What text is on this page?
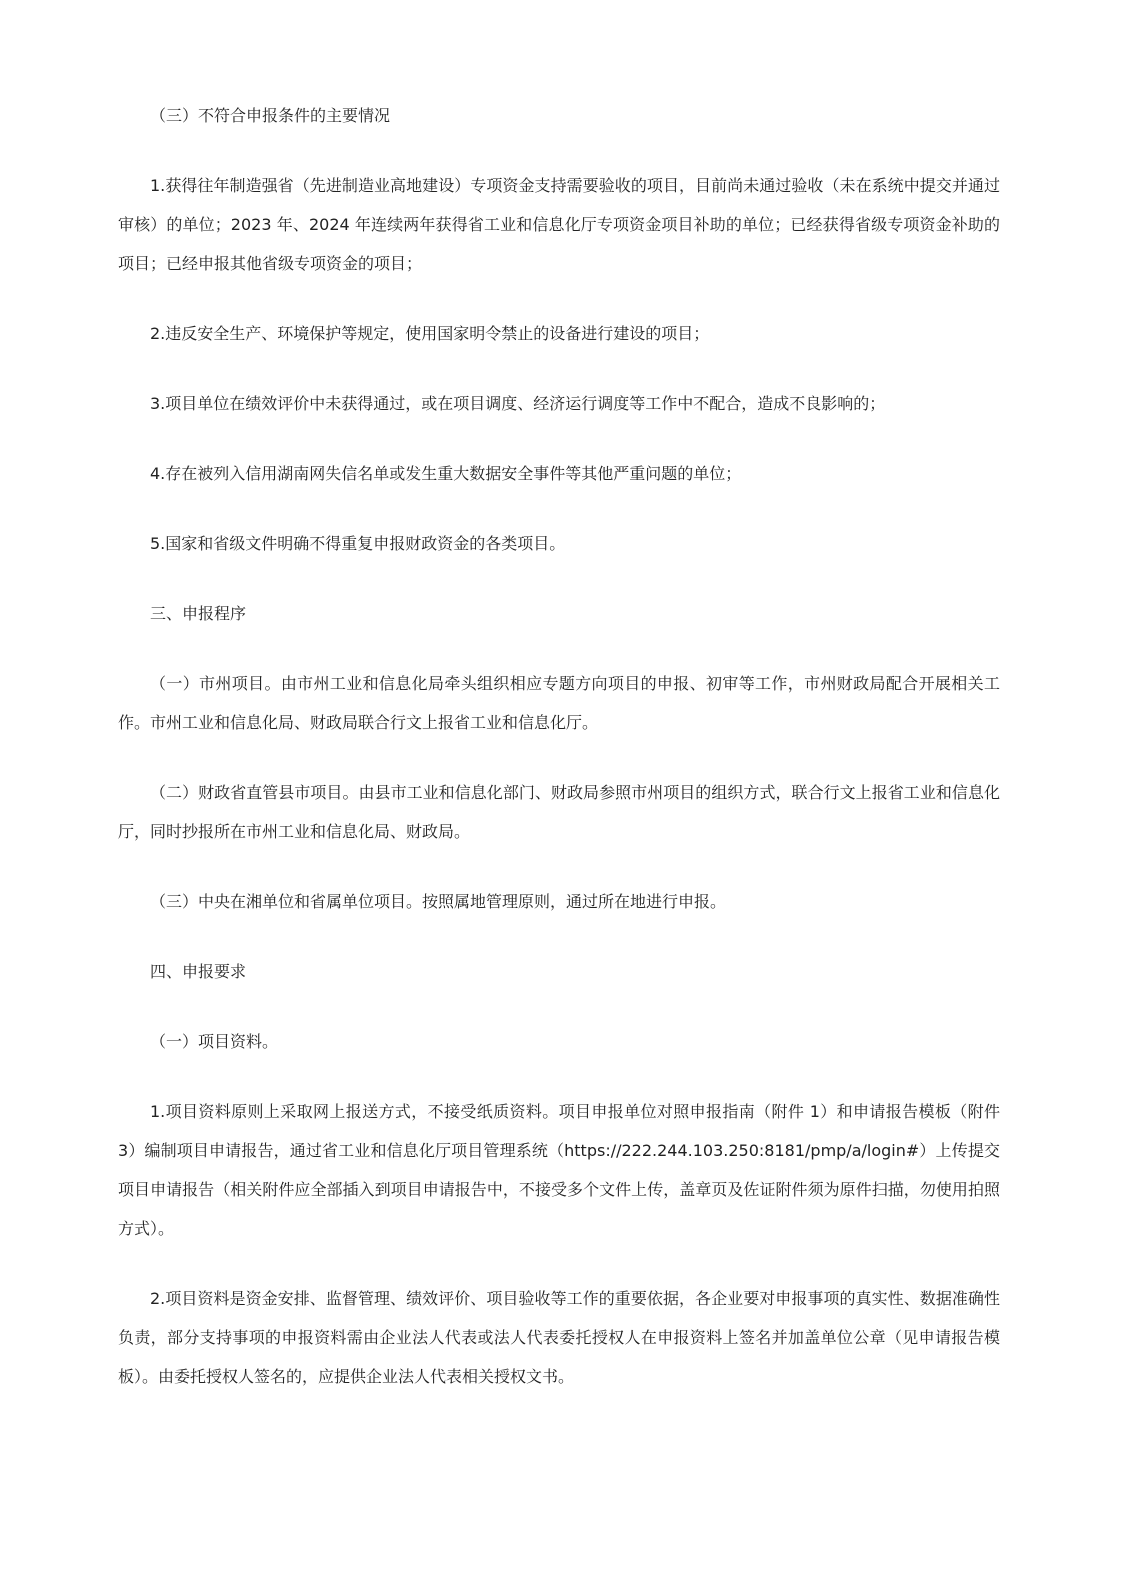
（三）不符合申报条件的主要情况

1.获得往年制造强省（先进制造业高地建设）专项资金支持需要验收的项目，目前尚未通过验收（未在系统中提交并通过审核）的单位；2023 年、2024 年连续两年获得省工业和信息化厅专项资金项目补助的单位；已经获得省级专项资金补助的项目；已经申报其他省级专项资金的项目；

2.违反安全生产、环境保护等规定，使用国家明令禁止的设备进行建设的项目；

3.项目单位在绩效评价中未获得通过，或在项目调度、经济运行调度等工作中不配合，造成不良影响的；

4.存在被列入信用湖南网失信名单或发生重大数据安全事件等其他严重问题的单位；

5.国家和省级文件明确不得重复申报财政资金的各类项目。

三、申报程序

（一）市州项目。由市州工业和信息化局牵头组织相应专题方向项目的申报、初审等工作，市州财政局配合开展相关工作。市州工业和信息化局、财政局联合行文上报省工业和信息化厅。

（二）财政省直管县市项目。由县市工业和信息化部门、财政局参照市州项目的组织方式，联合行文上报省工业和信息化厅，同时抄报所在市州工业和信息化局、财政局。

（三）中央在湘单位和省属单位项目。按照属地管理原则，通过所在地进行申报。

四、申报要求

（一）项目资料。

1.项目资料原则上采取网上报送方式，不接受纸质资料。项目申报单位对照申报指南（附件 1）和申请报告模板（附件 3）编制项目申请报告，通过省工业和信息化厅项目管理系统（https://222.244.103.250:8181/pmp/a/login#）上传提交项目申请报告（相关附件应全部插入到项目申请报告中，不接受多个文件上传，盖章页及佐证附件须为原件扫描，勿使用拍照方式）。

2.项目资料是资金安排、监督管理、绩效评价、项目验收等工作的重要依据，各企业要对申报事项的真实性、数据准确性负责，部分支持事项的申报资料需由企业法人代表或法人代表委托授权人在申报资料上签名并加盖单位公章（见申请报告模板）。由委托授权人签名的，应提供企业法人代表相关授权文书。
